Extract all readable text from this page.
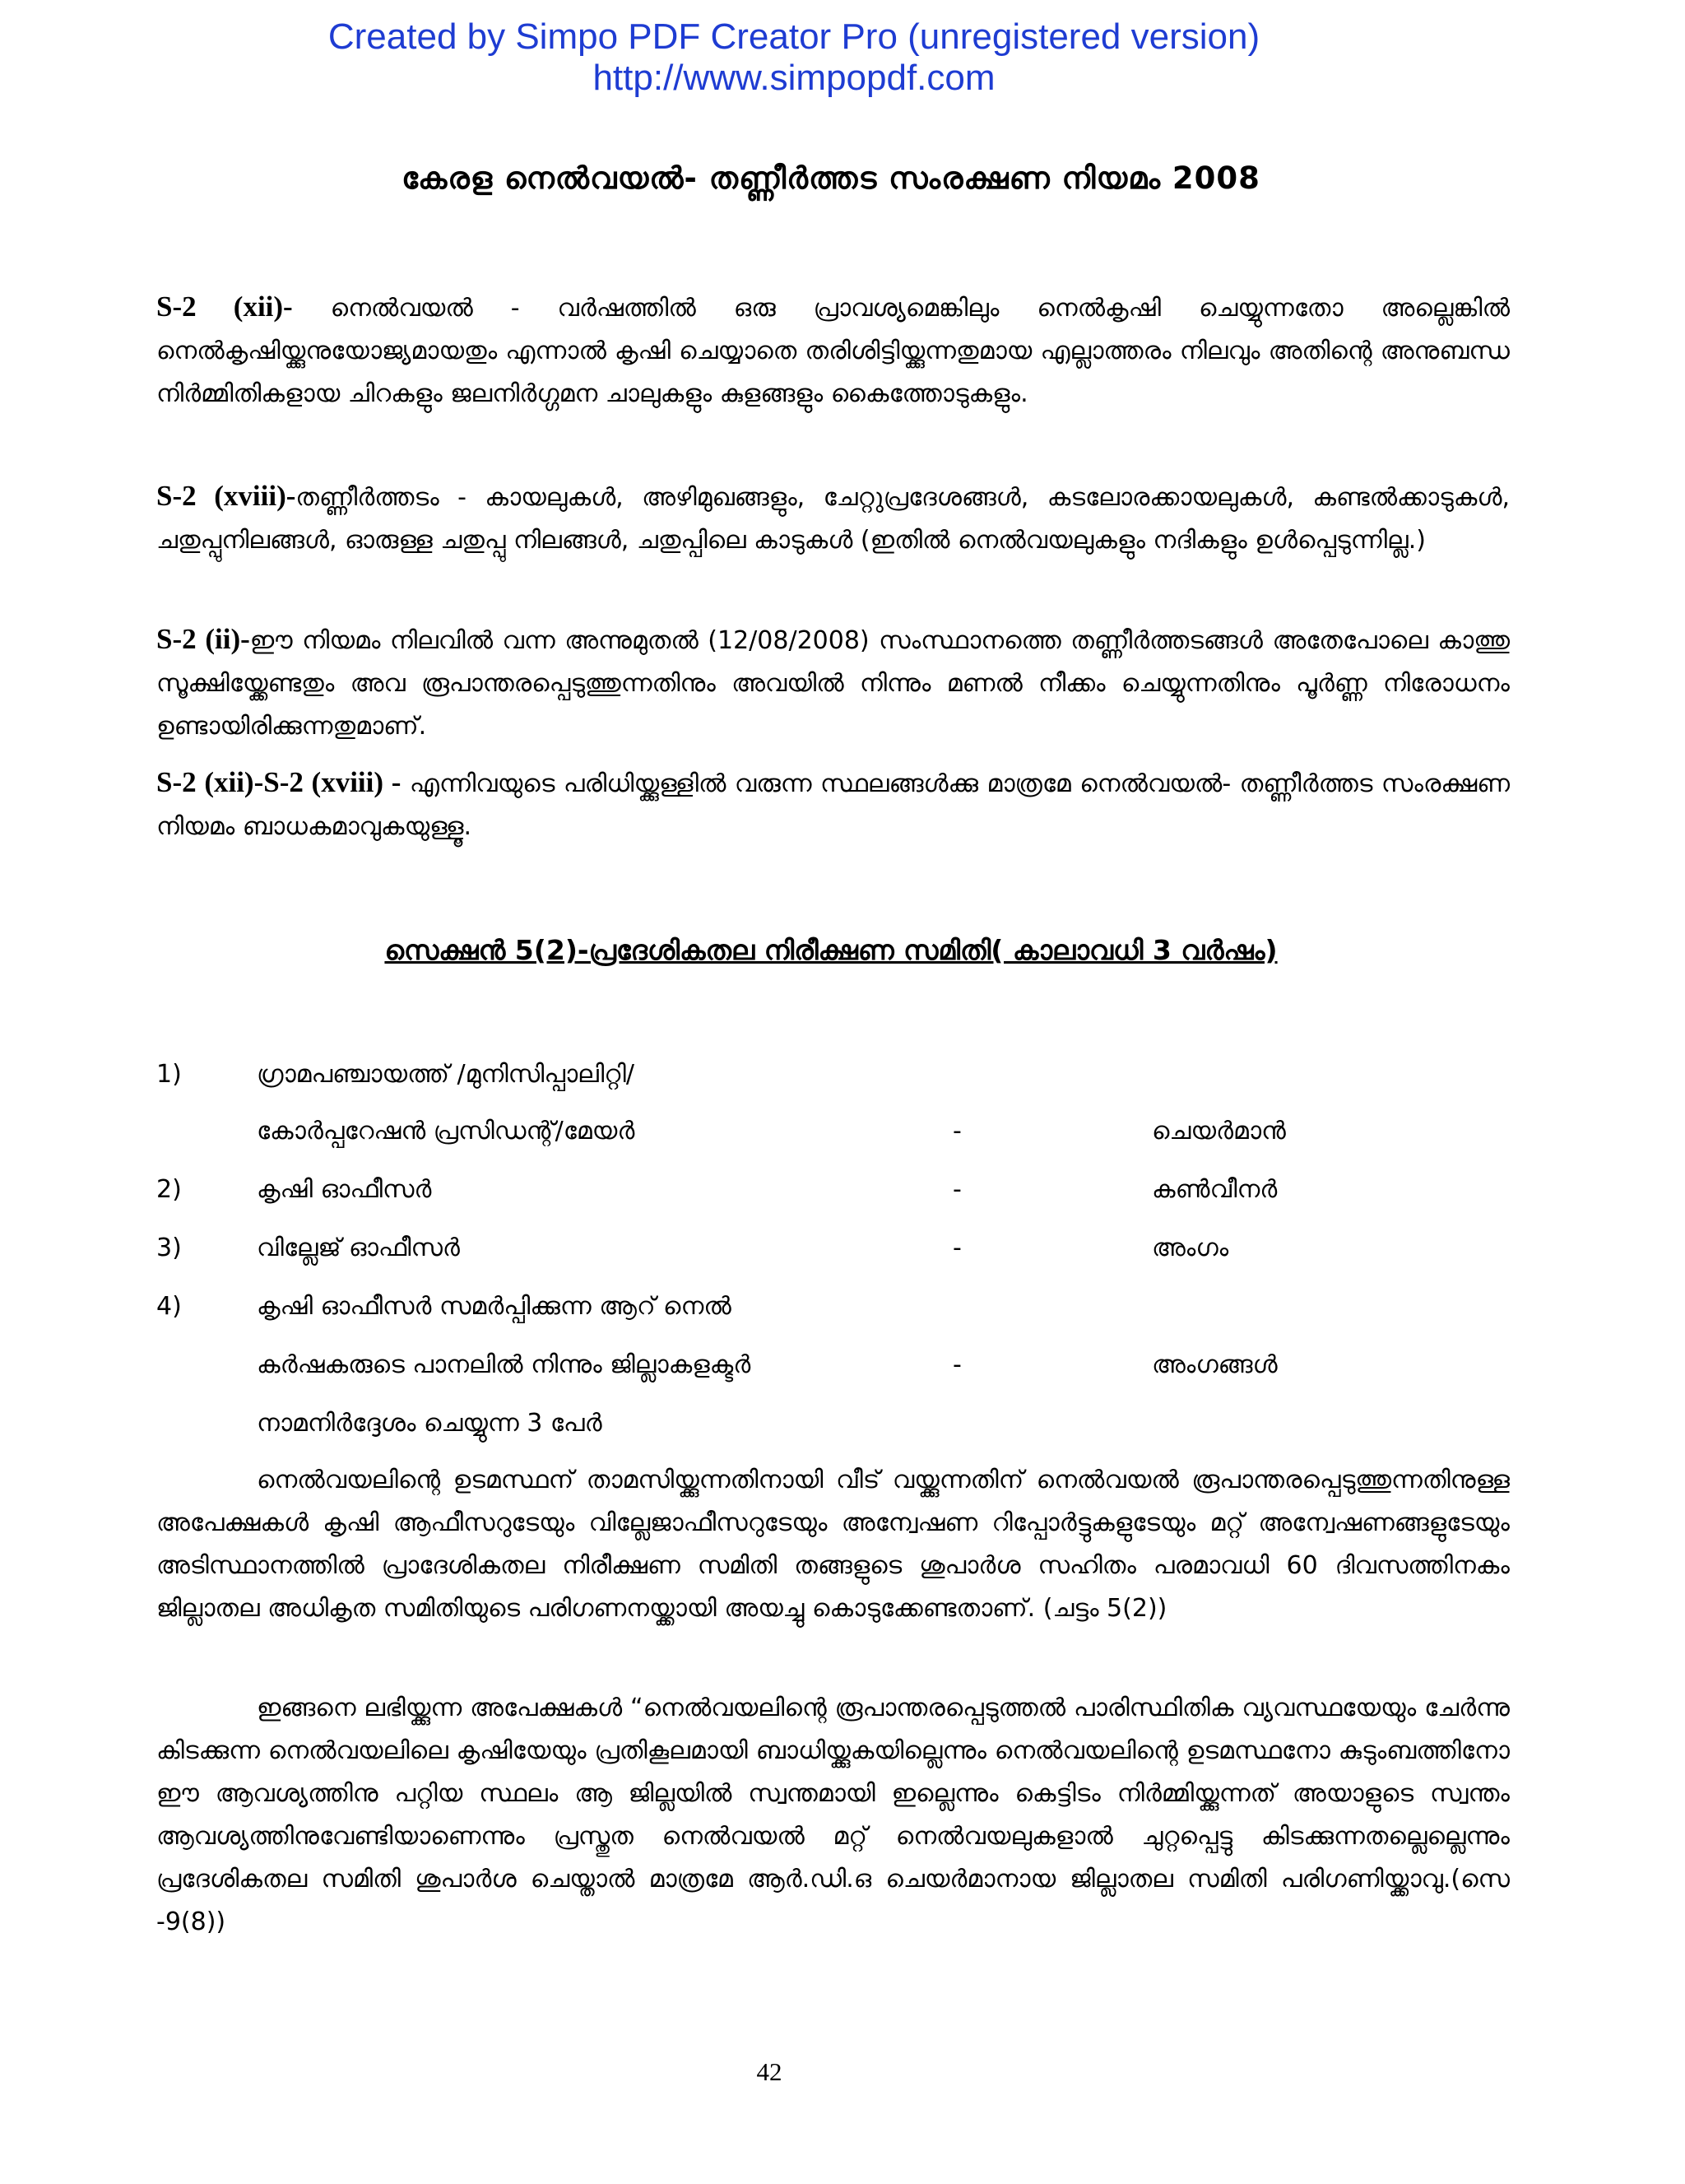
Created by Simpo PDF Creator Pro (unregistered version)
http://www.simpopdf.com
കേരള നെൽവയൽ- തണ്ണീർത്തട സംരക്ഷണ നിയമം 2008
S-2 (xii)- നെൽവയൽ - വർഷത്തിൽ ഒരു പ്രാവശ്യമെങ്കിലും നെൽകൃഷി ചെയ്യുന്നതോ അല്ലെങ്കിൽ നെൽകൃഷിയ്ക്കുനുയോജ്യമായതും എന്നാൽ കൃഷി ചെയ്യാതെ തരിശിട്ടിയ്ക്കുന്നതുമായ എല്ലാത്തരം നിലവും അതിന്റെ അനുബന്ധ നിർമ്മിതികളായ ചിറകളും ജലനിർഗ്ഗമന ചാലുകളും കുളങ്ങളും കൈത്തോടുകളും.
S-2 (xviii)-തണ്ണീർത്തടം - കായലുകൾ, അഴിമുഖങ്ങളും, ചേറ്റുപ്രദേശങ്ങൾ, കടലോരക്കായലുകൾ, കണ്ടൽക്കാടുകൾ, ചതുപ്പുനിലങ്ങൾ, ഓരുള്ള ചതുപ്പു നിലങ്ങൾ, ചതുപ്പിലെ കാടുകൾ (ഇതിൽ നെൽവയലുകളും നദികളും ഉൾപ്പെടുന്നില്ല.)
S-2 (ii)-ഈ നിയമം നിലവിൽ വന്ന അന്നുമുതൽ (12/08/2008) സംസ്ഥാനത്തെ തണ്ണീർത്തടങ്ങൾ അതേപോലെ കാത്തു സൂക്ഷിയ്ക്കേണ്ടതും അവ രൂപാന്തരപ്പെടുത്തുന്നതിനും അവയിൽ നിന്നും മണൽ നീക്കം ചെയ്യുന്നതിനും പൂർണ്ണ നിരോധനം ഉണ്ടായിരിക്കുന്നതുമാണ്.
S-2 (xii)-S-2 (xviii) - എന്നിവയുടെ പരിധിയ്ക്കുള്ളിൽ വരുന്ന സ്ഥലങ്ങൾക്കു മാത്രമേ നെൽവയൽ- തണ്ണീർത്തട സംരക്ഷണ നിയമം ബാധകമാവുകയുള്ളൂ.
സെക്ഷൻ 5(2)-പ്രദേശികതല നിരീക്ഷണ സമിതി( കാലാവധി 3 വർഷം)
1)	ഗ്രാമപഞ്ചായത്ത് /മുനിസിപ്പാലിറ്റി/
കോർപ്പറേഷൻ പ്രസിഡന്റ്/മേയർ	-	ചെയർമാൻ
2)	കൃഷി ഓഫീസർ	-	കൺവീനർ
3)	വില്ലേജ് ഓഫീസർ	-	അംഗം
4)	കൃഷി ഓഫീസർ സമർപ്പിക്കുന്ന ആറ് നെൽ
കർഷകരുടെ പാനലിൽ നിന്നും ജില്ലാകളക്ടർ	-	അംഗങ്ങൾ
നാമനിർദ്ദേശം ചെയ്യുന്ന 3 പേർ
നെൽവയലിന്റെ ഉടമസ്ഥന് താമസിയ്ക്കുന്നതിനായി വീട് വയ്ക്കുന്നതിന് നെൽവയൽ രൂപാന്തരപ്പെടുത്തുന്നതിനുള്ള അപേക്ഷകൾ കൃഷി ആഫീസറുടേയും വില്ലേജാഫീസറുടേയും അന്വേഷണ റിപ്പോർട്ടുകളുടേയും മറ്റ് അന്വേഷണങ്ങളുടേയും അടിസ്ഥാനത്തിൽ പ്രാദേശികതല നിരീക്ഷണ സമിതി തങ്ങളുടെ ശുപാർശ സഹിതം പരമാവധി 60 ദിവസത്തിനകം ജില്ലാതല അധികൃത സമിതിയുടെ പരിഗണനയ്ക്കായി അയച്ചു കൊടുക്കേണ്ടതാണ്. (ചട്ടം 5(2))
ഇങ്ങനെ ലഭിയ്ക്കുന്ന അപേക്ഷകൾ “നെൽവയലിന്റെ രൂപാന്തരപ്പെടുത്തൽ പാരിസ്ഥിതിക വ്യവസ്ഥയേയും ചേർന്നു കിടക്കുന്ന നെൽവയലിലെ കൃഷിയേയും പ്രതികൂലമായി ബാധിയ്ക്കുകയില്ലെന്നും നെൽവയലിന്റെ ഉടമസ്ഥനോ കുടുംബത്തിനോ ഈ ആവശ്യത്തിനു പറ്റിയ സ്ഥലം ആ ജില്ലയിൽ സ്വന്തമായി ഇല്ലെന്നും കെട്ടിടം നിർമ്മിയ്ക്കുന്നത് അയാളുടെ സ്വന്തം ആവശ്യത്തിനുവേണ്ടിയാണെന്നും പ്രസ്തുത നെൽവയൽ മറ്റ് നെൽവയലുകളാൽ ചുറ്റപ്പെട്ടു കിടക്കുന്നതല്ലെല്ലെന്നും പ്രദേശികതല സമിതി ശുപാർശ ചെയ്താൽ മാത്രമേ ആർ.ഡി.ഒ ചെയർമാനായ ജില്ലാതല സമിതി പരിഗണിയ്ക്കാവു.(സെ -9(8))
42
